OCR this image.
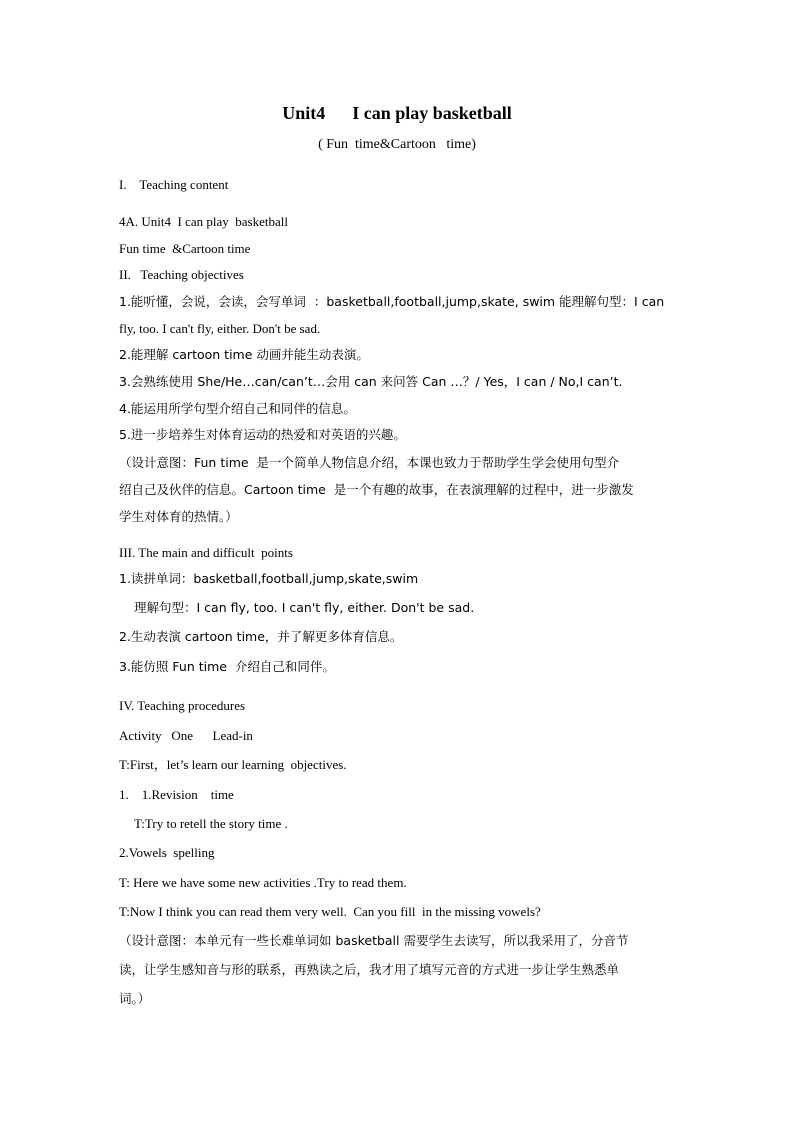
Unit4      I can play basketball
( Fun  time&Cartoon   time)
I.    Teaching content
4A. Unit4  I can play  basketball
Fun time  &Cartoon time
II.   Teaching objectives
1.能听懂，会说，会读，会写单词  ：basketball,football,jump,skate, swim 能理解句型：I can
fly, too. I can't fly, either. Don't be sad.
2.能理解 cartoon time 动画并能生动表演。
3.会熟练使用 She/He…can/can’t…会用 can 来问答 Can …？/ Yes，I can / No,I can’t.
4.能运用所学句型介绍自己和同伴的信息。
5.进一步培养生对体育运动的热爱和对英语的兴趣。
（设计意图：Fun time  是一个简单人物信息介绍，本课也致力于帮助学生学会使用句型介
绍自己及伙伴的信息。Cartoon time  是一个有趣的故事，在表演理解的过程中，进一步激发
学生对体育的热情。）
III. The main and difficult  points
1.读拼单词：basketball,football,jump,skate,swim
理解句型：I can fly, too. I can't fly, either. Don't be sad.
2.生动表演 cartoon time，并了解更多体育信息。
3.能仿照 Fun time  介绍自己和同伴。
IV. Teaching procedures
Activity   One      Lead-in
T:First，let’s learn our learning  objectives.
1.    1.Revision    time
T:Try to retell the story time .
2.Vowels  spelling
T: Here we have some new activities .Try to read them.
T:Now I think you can read them very well.  Can you fill  in the missing vowels?
（设计意图：本单元有一些长难单词如 basketball 需要学生去读写，所以我采用了，分音节
读，让学生感知音与形的联系，再熟读之后，我才用了填写元音的方式进一步让学生熟悉单
词。）
